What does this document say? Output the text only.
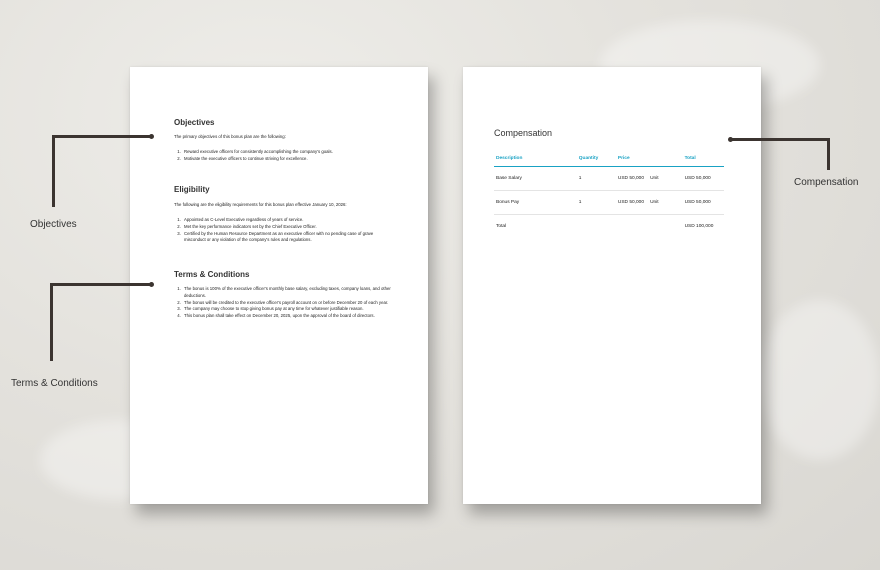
Objectives
The primary objectives of this bonus plan are the following:
1. Reward executive officers for consistently accomplishing the company's goals.
2. Motivate the executive officers to continue striving for excellence.
Eligibility
The following are the eligibility requirements for this bonus plan effective January 10, 2026:
1. Appointed as C-Level Executive regardless of years of service.
2. Met the key performance indicators set by the Chief Executive Officer.
3. Certified by the Human Resource Department as an executive officer with no pending case of grave misconduct or any violation of the company's rules and regulations.
Terms & Conditions
1. The bonus is 100% of the executive officer's monthly base salary, excluding taxes, company loans, and other deductions.
2. The bonus will be credited to the executive officer's payroll account on or before December 20 of each year.
3. The company may choose to stop giving bonus pay at any time for whatever justifiable reason.
4. This bonus plan shall take effect on December 20, 2025, upon the approval of the board of directors.
Compensation
Description	Quantity	Price		Total
Base Salary	1	USD 50,000	Unit	USD 50,000
Bonus Pay	1	USD 50,000	Unit	USD 50,000
Total				USD 100,000
Objectives
Terms & Conditions
Compensation
